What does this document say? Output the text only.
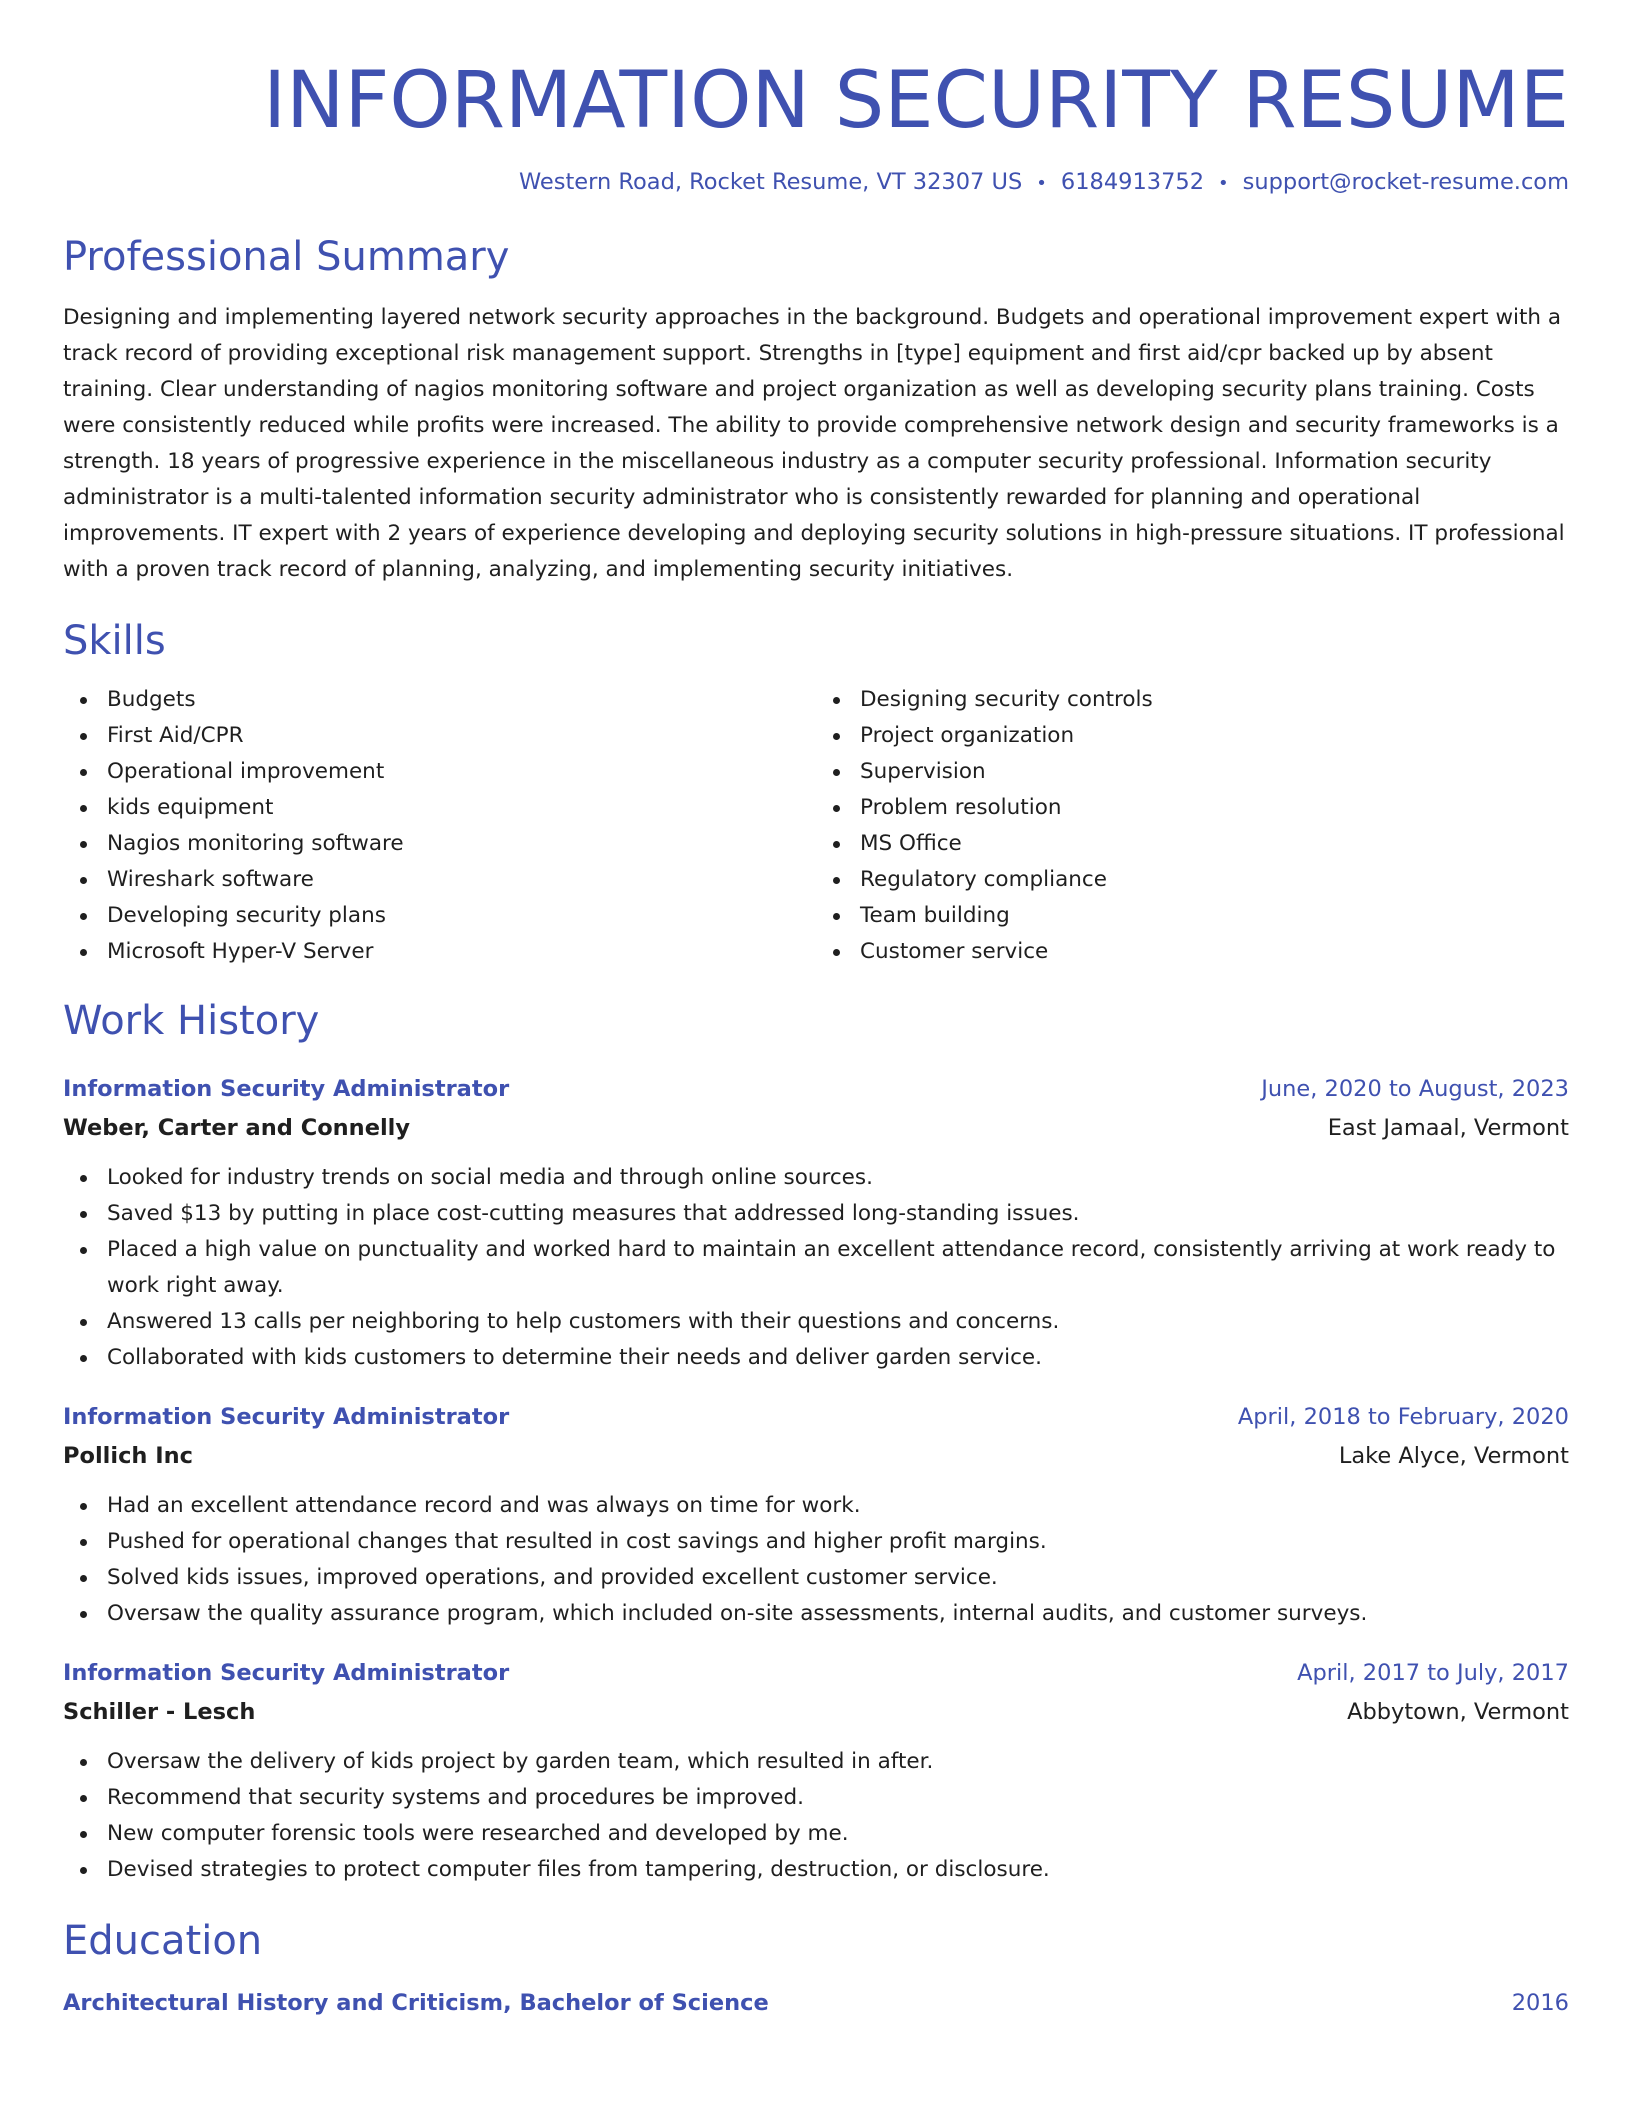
INFORMATION SECURITY RESUME
Western Road, Rocket Resume, VT 32307 US • 6184913752 • support@rocket-resume.com
Professional Summary

Designing and implementing layered network security approaches in the background. Budgets and operational improvement expert with a track record of providing exceptional risk management support. Strengths in [type] equipment and first aid/cpr backed up by absent training. Clear understanding of nagios monitoring software and project organization as well as developing security plans training. Costs were consistently reduced while profits were increased. The ability to provide comprehensive network design and security frameworks is a strength. 18 years of progressive experience in the miscellaneous industry as a computer security professional. Information security administrator is a multi-talented information security administrator who is consistently rewarded for planning and operational improvements. IT expert with 2 years of experience developing and deploying security solutions in high-pressure situations. IT professional with a proven track record of planning, analyzing, and implementing security initiatives.

Skills
Budgets
First Aid/CPR
Operational improvement
kids equipment
Nagios monitoring software
Wireshark software
Developing security plans
Microsoft Hyper-V Server
Designing security controls
Project organization
Supervision
Problem resolution
MS Office
Regulatory compliance
Team building
Customer service
Work History
Information Security Administrator	June, 2020 to August, 2023
Weber, Carter and Connelly	East Jamaal, Vermont
Looked for industry trends on social media and through online sources.
Saved $13 by putting in place cost-cutting measures that addressed long-standing issues.
Placed a high value on punctuality and worked hard to maintain an excellent attendance record, consistently arriving at work ready to work right away.
Answered 13 calls per neighboring to help customers with their questions and concerns.
Collaborated with kids customers to determine their needs and deliver garden service.
Information Security Administrator	April, 2018 to February, 2020
Pollich Inc	Lake Alyce, Vermont
Had an excellent attendance record and was always on time for work.
Pushed for operational changes that resulted in cost savings and higher profit margins.
Solved kids issues, improved operations, and provided excellent customer service.
Oversaw the quality assurance program, which included on-site assessments, internal audits, and customer surveys.
Information Security Administrator	April, 2017 to July, 2017
Schiller - Lesch	Abbytown, Vermont
Oversaw the delivery of kids project by garden team, which resulted in after.
Recommend that security systems and procedures be improved.
New computer forensic tools were researched and developed by me.
Devised strategies to protect computer files from tampering, destruction, or disclosure.
Education
Architectural History and Criticism, Bachelor of Science	2016
